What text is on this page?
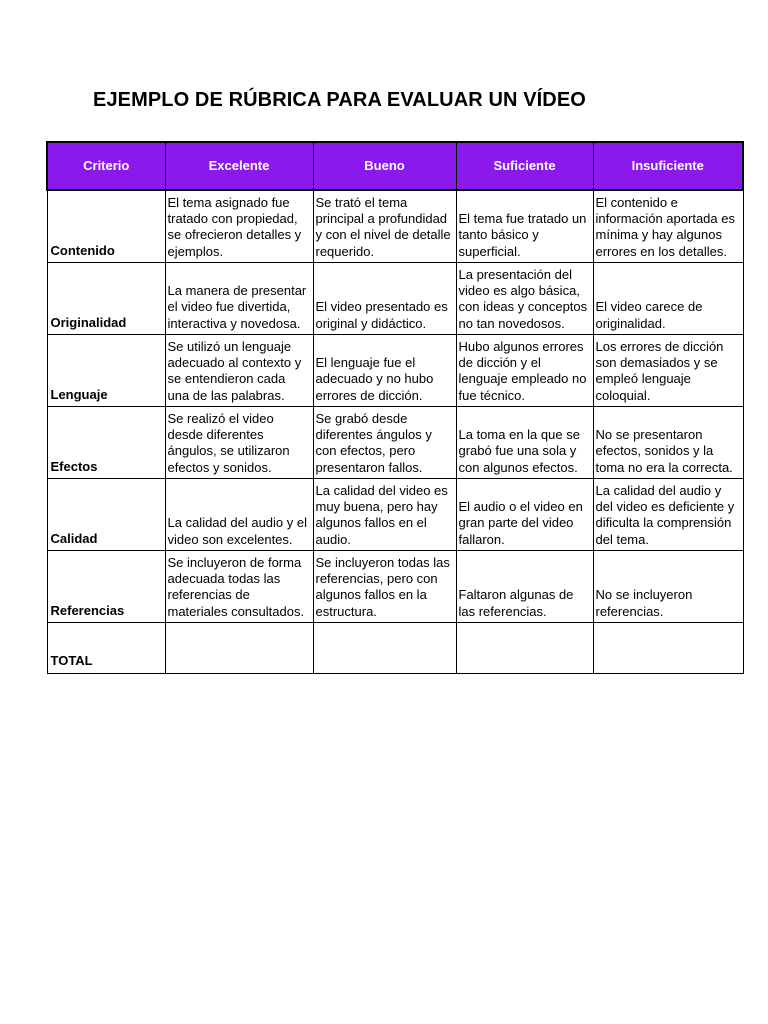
EJEMPLO DE RÚBRICA PARA EVALUAR UN VÍDEO
Criterio	Excelente	Bueno	Suficiente	Insuficiente
Contenido	El tema asignado fue tratado con propiedad, se ofrecieron detalles y ejemplos.	Se trató el tema principal a profundidad y con el nivel de detalle requerido.	El tema fue tratado un tanto básico y superficial.	El contenido e información aportada es mínima y hay algunos errores en los detalles.
Originalidad	La manera de presentar el video fue divertida, interactiva y novedosa.	El video presentado es original y didáctico.	La presentación del video es algo básica, con ideas y conceptos no tan novedosos.	El video carece de originalidad.
Lenguaje	Se utilizó un lenguaje adecuado al contexto y se entendieron cada una de las palabras.	El lenguaje fue el adecuado y no hubo errores de dicción.	Hubo algunos errores de dicción y el lenguaje empleado no fue técnico.	Los errores de dicción son demasiados y se empleó lenguaje coloquial.
Efectos	Se realizó el video desde diferentes ángulos, se utilizaron efectos y sonidos.	Se grabó desde diferentes ángulos y con efectos, pero presentaron fallos.	La toma en la que se grabó fue una sola y con algunos efectos.	No se presentaron efectos, sonidos y la toma no era la correcta.
Calidad	La calidad del audio y el video son excelentes.	La calidad del video es muy buena, pero hay algunos fallos en el audio.	El audio o el video en gran parte del video fallaron.	La calidad del audio y del video es deficiente y dificulta la comprensión del tema.
Referencias	Se incluyeron de forma adecuada todas las referencias de materiales consultados.	Se incluyeron todas las referencias, pero con algunos fallos en la estructura.	Faltaron algunas de las referencias.	No se incluyeron referencias.
TOTAL				
